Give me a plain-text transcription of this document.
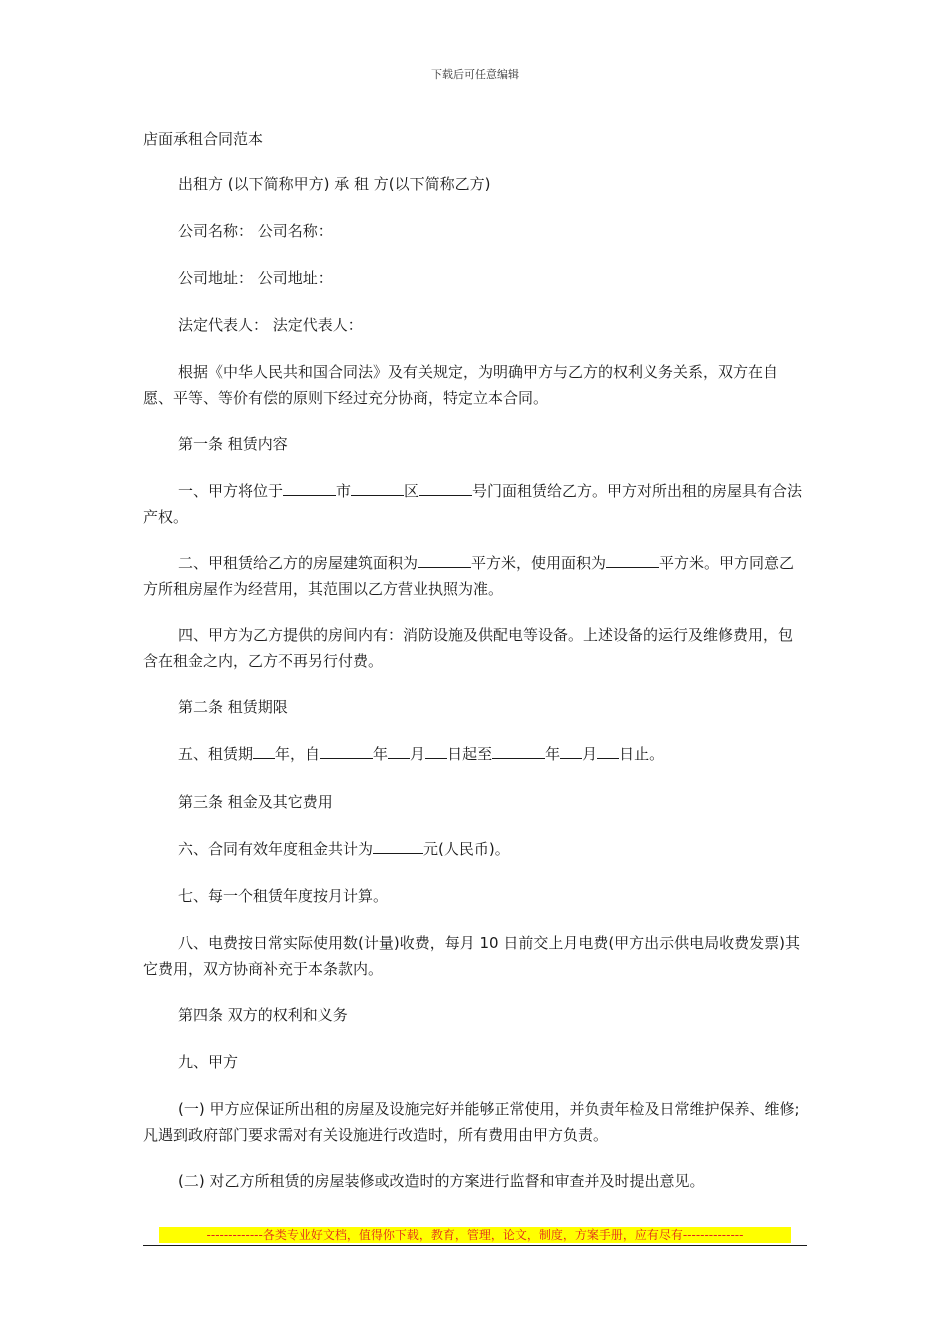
下载后可任意编辑
店面承租合同范本
出租方 (以下简称甲方) 承 租 方(以下简称乙方)
公司名称： 公司名称：
公司地址： 公司地址：
法定代表人： 法定代表人：
根据《中华人民共和国合同法》及有关规定，为明确甲方与乙方的权利义务关系，双方在自愿、平等、等价有偿的原则下经过充分协商，特定立本合同。
第一条 租赁内容
一、甲方将位于	市	区	号门面租赁给乙方。甲方对所出租的房屋具有合法产权。
二、甲租赁给乙方的房屋建筑面积为	平方米，使用面积为	平方米。甲方同意乙方所租房屋作为经营用，其范围以乙方营业执照为准。
四、甲方为乙方提供的房间内有：消防设施及供配电等设备。上述设备的运行及维修费用，包含在租金之内，乙方不再另行付费。
第二条 租赁期限
五、租赁期 年，自	年 月 日起至	年 月 日止。
第三条 租金及其它费用
六、合同有效年度租金共计为	元(人民币)。
七、每一个租赁年度按月计算。
八、电费按日常实际使用数(计量)收费，每月 10 日前交上月电费(甲方出示供电局收费发票)其它费用，双方协商补充于本条款内。
第四条 双方的权利和义务
九、甲方
(一) 甲方应保证所出租的房屋及设施完好并能够正常使用，并负责年检及日常维护保养、维修;凡遇到政府部门要求需对有关设施进行改造时，所有费用由甲方负责。
(二) 对乙方所租赁的房屋装修或改造时的方案进行监督和审查并及时提出意见。
-------------各类专业好文档，值得你下载，教育，管理，论文，制度，方案手册，应有尽有--------------
